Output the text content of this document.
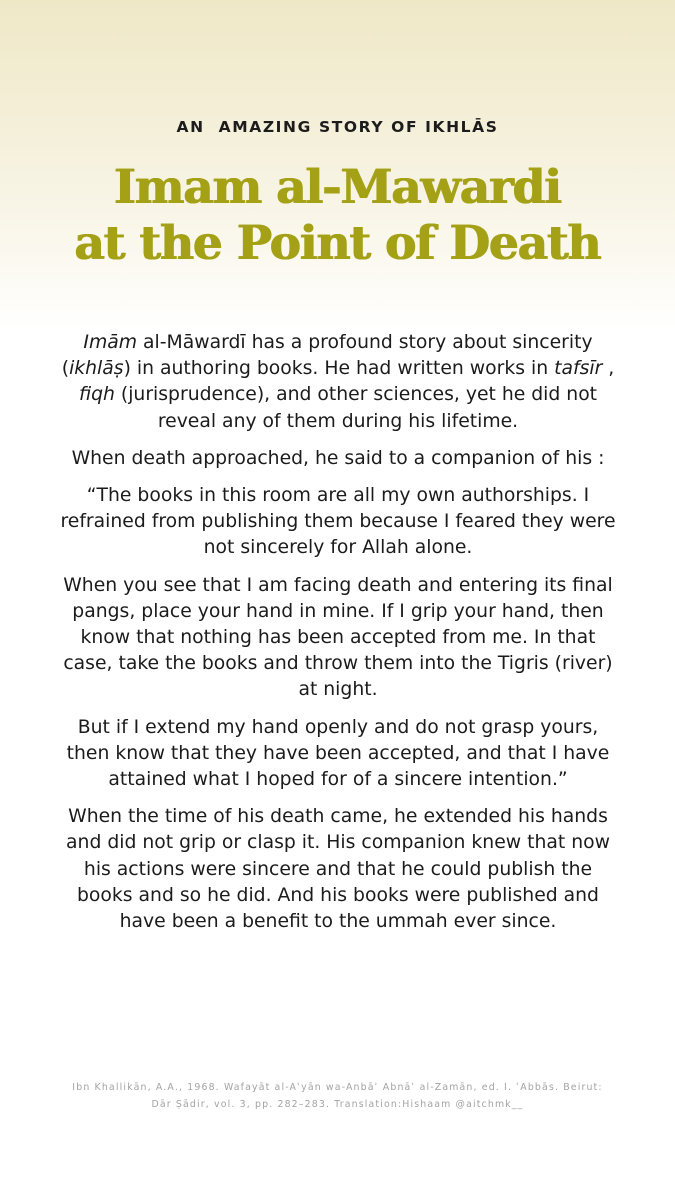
AN  AMAZING STORY OF IKHLĀS
Imam al-Mawardi
at the Point of Death

Imām al-Māwardī has a profound story about sincerity (ikhlāṣ) in authoring books. He had written works in tafsīr , fiqh (jurisprudence), and other sciences, yet he did not reveal any of them during his lifetime.

When death approached, he said to a companion of his :

“The books in this room are all my own authorships. I refrained from publishing them because I feared they were not sincerely for Allah alone.

When you see that I am facing death and entering its final pangs, place your hand in mine. If I grip your hand, then know that nothing has been accepted from me. In that case, take the books and throw them into the Tigris (river) at night.

But if I extend my hand openly and do not grasp yours, then know that they have been accepted, and that I have attained what I hoped for of a sincere intention.”

When the time of his death came, he extended his hands and did not grip or clasp it. His companion knew that now his actions were sincere and that he could publish the books and so he did. And his books were published and have been a benefit to the ummah ever since.

Ibn Khallikān, A.A., 1968. Wafayāt al-Aʿyān wa-Anbāʾ Abnāʾ al-Zamān, ed. I. ʿAbbās. Beirut: Dār Ṣādir, vol. 3, pp. 282–283. Translation:Hishaam @aitchmk__
